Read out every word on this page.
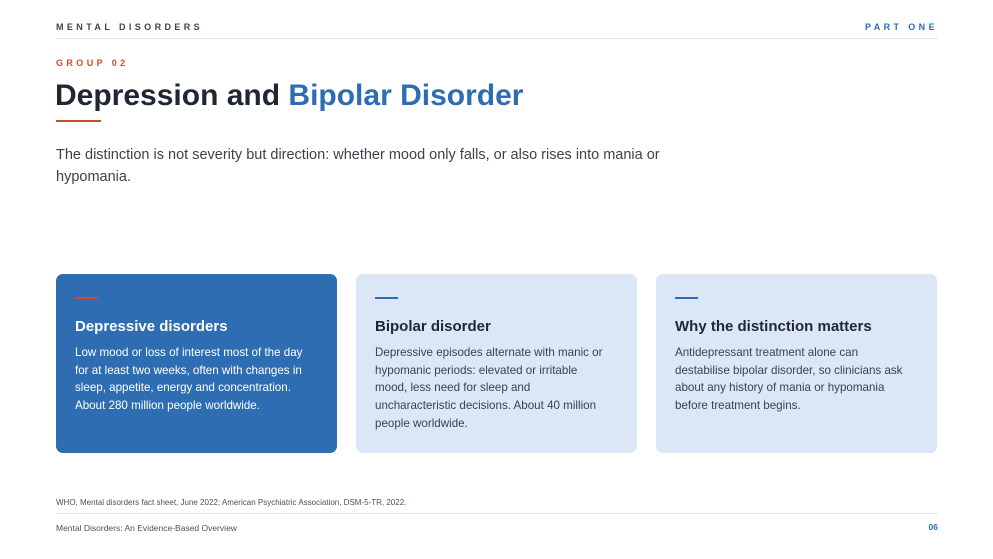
MENTAL DISORDERS	PART ONE
GROUP 02
Depression and Bipolar Disorder

The distinction is not severity but direction: whether mood only falls, or also rises into mania or hypomania.

Depressive disorders

Low mood or loss of interest most of the day for at least two weeks, often with changes in sleep, appetite, energy and concentration. About 280 million people worldwide.

Bipolar disorder

Depressive episodes alternate with manic or hypomanic periods: elevated or irritable mood, less need for sleep and uncharacteristic decisions. About 40 million people worldwide.

Why the distinction matters

Antidepressant treatment alone can destabilise bipolar disorder, so clinicians ask about any history of mania or hypomania before treatment begins.

WHO, Mental disorders fact sheet, June 2022; American Psychiatric Association, DSM-5-TR, 2022.
Mental Disorders: An Evidence-Based Overview	06
